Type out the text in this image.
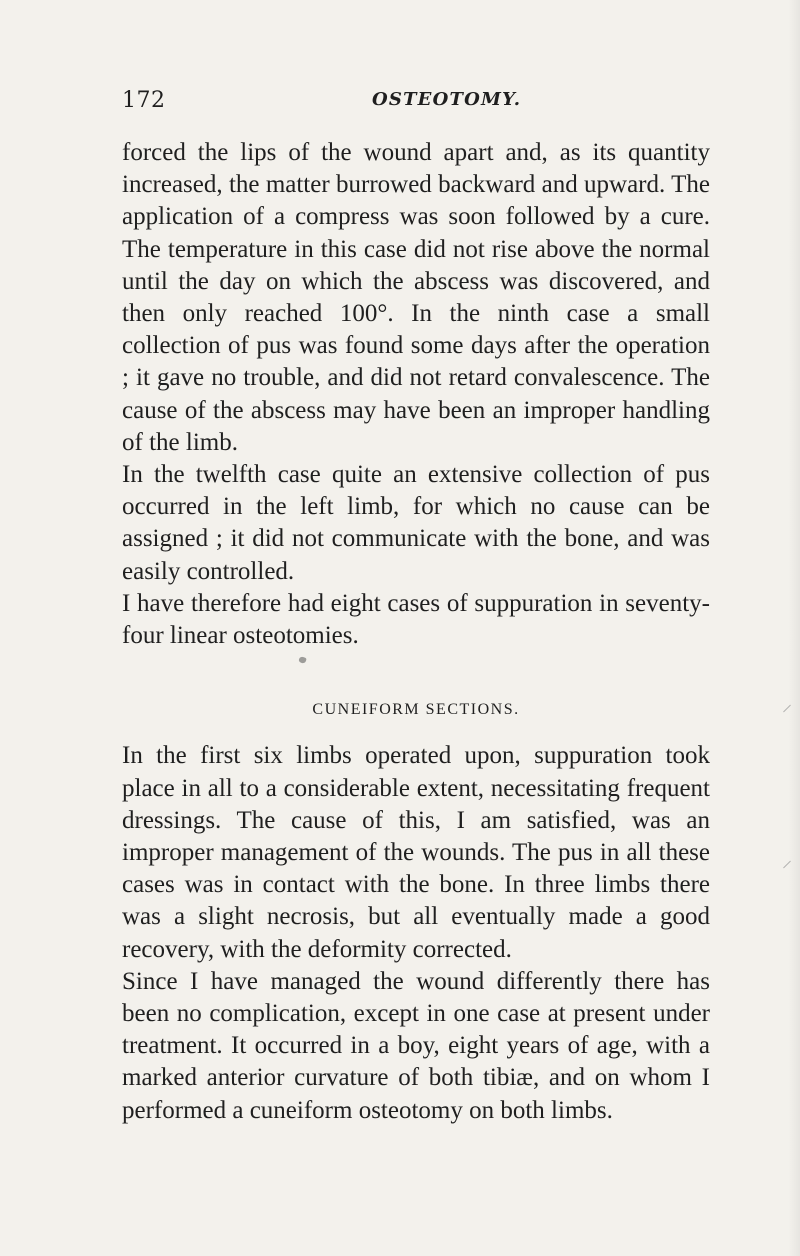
172	OSTEOTOMY.

forced the lips of the wound apart and, as its quantity increased, the matter burrowed backward and upward. The application of a compress was soon followed by a cure. The temperature in this case did not rise above the normal until the day on which the abscess was discovered, and then only reached 100°. In the ninth case a small collection of pus was found some days after the operation ; it gave no trouble, and did not retard convalescence. The cause of the abscess may have been an improper handling of the limb.

In the twelfth case quite an extensive collection of pus occurred in the left limb, for which no cause can be assigned ; it did not communicate with the bone, and was easily controlled.

I have therefore had eight cases of suppuration in seventy-four linear osteotomies.

CUNEIFORM SECTIONS.

In the first six limbs operated upon, suppuration took place in all to a considerable extent, necessitating frequent dressings. The cause of this, I am satisfied, was an improper management of the wounds. The pus in all these cases was in contact with the bone. In three limbs there was a slight necrosis, but all eventually made a good recovery, with the deformity corrected.

Since I have managed the wound differently there has been no complication, except in one case at present under treatment. It occurred in a boy, eight years of age, with a marked anterior curvature of both tibiæ, and on whom I performed a cuneiform osteotomy on both limbs.
